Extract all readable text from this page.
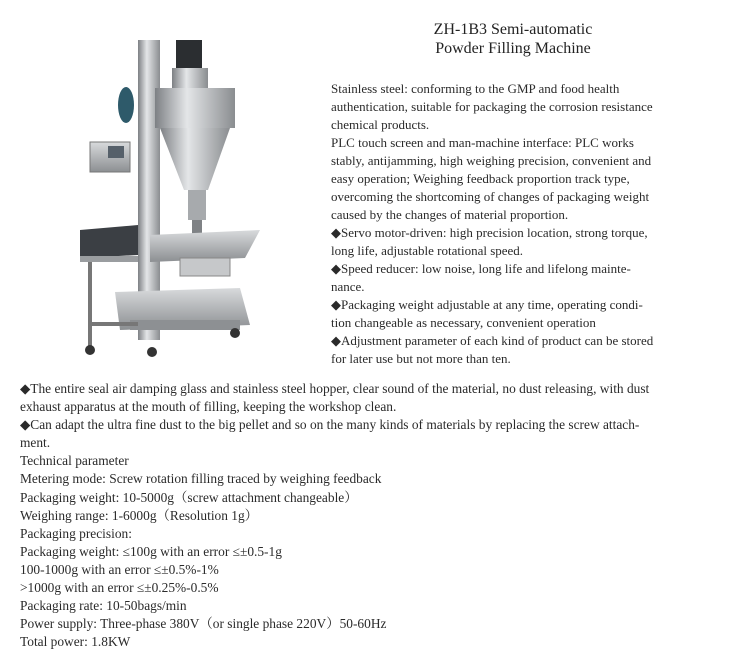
ZH-1B3 Semi-automatic
Powder Filling Machine
Stainless steel: conforming to the GMP and food health
authentication, suitable for packaging the corrosion resistance
chemical products.
PLC touch screen and man-machine interface: PLC works
stably, antijamming, high weighing precision, convenient and
easy operation; Weighing feedback proportion track type,
overcoming the shortcoming of changes of packaging weight
caused by the changes of material proportion.
◆Servo motor-driven: high precision location, strong torque,
long life, adjustable rotational speed.
◆Speed reducer: low noise, long life and lifelong mainte-
nance.
◆Packaging weight adjustable at any time, operating condi-
tion changeable as necessary, convenient operation
◆Adjustment parameter of each kind of product can be stored
for later use but not more than ten.
◆The entire seal air damping glass and stainless steel hopper, clear sound of the material, no dust releasing, with dust
exhaust apparatus at the mouth of filling, keeping the workshop clean.
◆Can adapt the ultra fine dust to the big pellet and so on the many kinds of materials by replacing the screw attach-
ment.
Technical parameter
Metering mode: Screw rotation filling traced by weighing feedback
Packaging weight: 10-5000g（screw attachment changeable）
Weighing range: 1-6000g（Resolution 1g）
Packaging precision:
Packaging weight: ≤100g with an error ≤±0.5-1g
100-1000g with an error ≤±0.5%-1%
>1000g with an error ≤±0.25%-0.5%
Packaging rate: 10-50bags/min
Power supply: Three-phase 380V（or single phase 220V）50-60Hz
Total power: 1.8KW
